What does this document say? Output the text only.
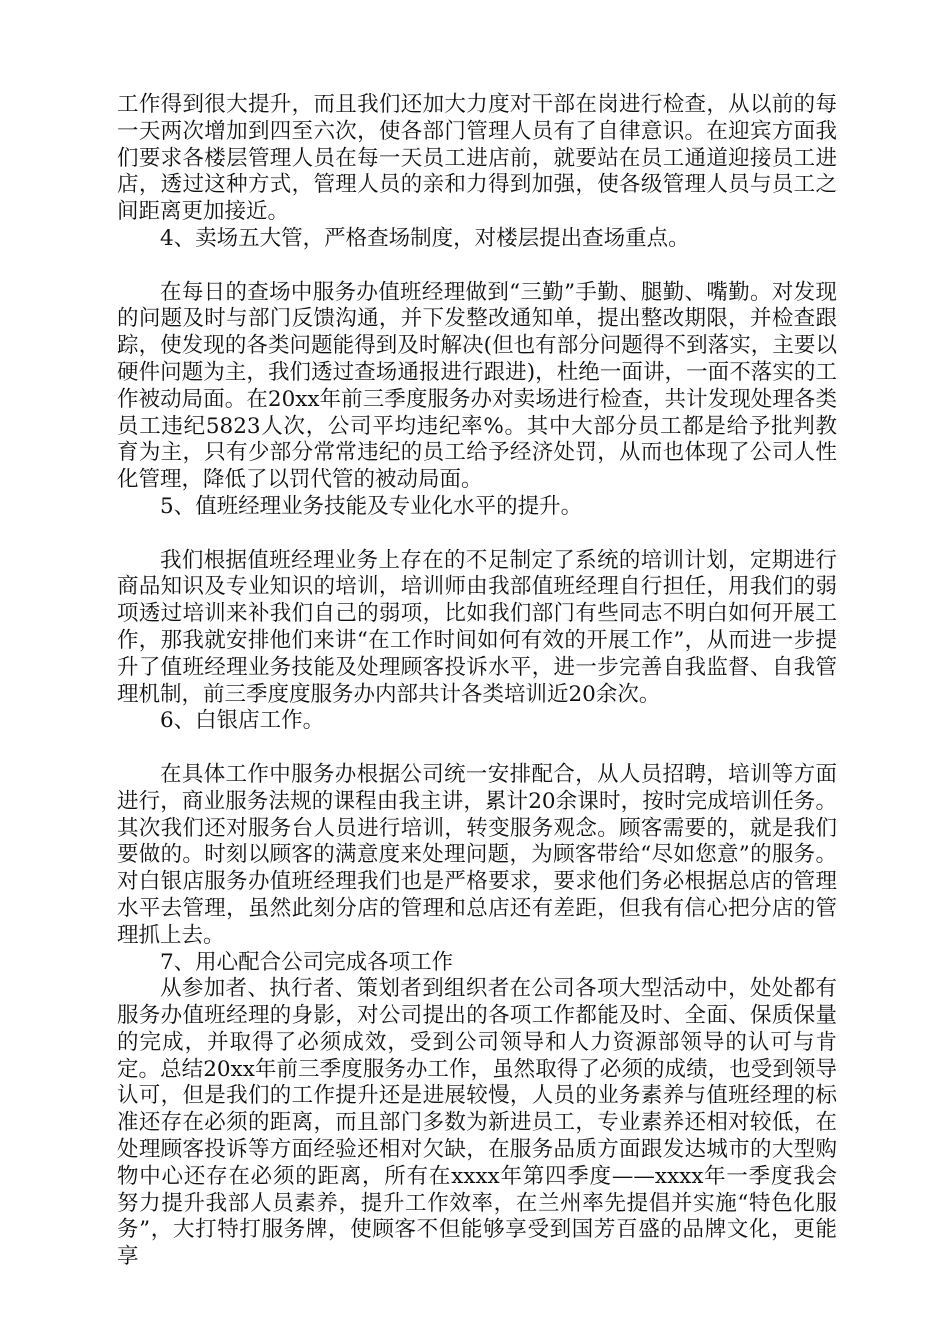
工作得到很大提升，而且我们还加大力度对干部在岗进行检查，从以前的每一天两次增加到四至六次，使各部门管理人员有了自律意识。在迎宾方面我们要求各楼层管理人员在每一天员工进店前，就要站在员工通道迎接员工进店，透过这种方式，管理人员的亲和力得到加强，使各级管理人员与员工之间距离更加接近。

4、卖场五大管，严格查场制度，对楼层提出查场重点。

在每日的查场中服务办值班经理做到“三勤”手勤、腿勤、嘴勤。对发现的问题及时与部门反馈沟通，并下发整改通知单，提出整改期限，并检查跟踪，使发现的各类问题能得到及时解决(但也有部分问题得不到落实，主要以硬件问题为主，我们透过查场通报进行跟进)，杜绝一面讲，一面不落实的工作被动局面。在20xx年前三季度服务办对卖场进行检查，共计发现处理各类员工违纪5823人次，公司平均违纪率%。其中大部分员工都是给予批判教育为主，只有少部分常常违纪的员工给予经济处罚，从而也体现了公司人性化管理，降低了以罚代管的被动局面。

5、值班经理业务技能及专业化水平的提升。

我们根据值班经理业务上存在的不足制定了系统的培训计划，定期进行商品知识及专业知识的培训，培训师由我部值班经理自行担任，用我们的弱项透过培训来补我们自己的弱项，比如我们部门有些同志不明白如何开展工作，那我就安排他们来讲“在工作时间如何有效的开展工作”，从而进一步提升了值班经理业务技能及处理顾客投诉水平，进一步完善自我监督、自我管理机制，前三季度度服务办内部共计各类培训近20余次。

6、白银店工作。

在具体工作中服务办根据公司统一安排配合，从人员招聘，培训等方面进行，商业服务法规的课程由我主讲，累计20余课时，按时完成培训任务。其次我们还对服务台人员进行培训，转变服务观念。顾客需要的，就是我们要做的。时刻以顾客的满意度来处理问题，为顾客带给“尽如您意”的服务。对白银店服务办值班经理我们也是严格要求，要求他们务必根据总店的管理水平去管理，虽然此刻分店的管理和总店还有差距，但我有信心把分店的管理抓上去。

7、用心配合公司完成各项工作

从参加者、执行者、策划者到组织者在公司各项大型活动中，处处都有服务办值班经理的身影，对公司提出的各项工作都能及时、全面、保质保量的完成，并取得了必须成效，受到公司领导和人力资源部领导的认可与肯定。总结20xx年前三季度服务办工作，虽然取得了必须的成绩，也受到领导认可，但是我们的工作提升还是进展较慢，人员的业务素养与值班经理的标准还存在必须的距离，而且部门多数为新进员工，专业素养还相对较低，在处理顾客投诉等方面经验还相对欠缺，在服务品质方面跟发达城市的大型购物中心还存在必须的距离，所有在xxxx年第四季度——xxxx年一季度我会努力提升我部人员素养，提升工作效率，在兰州率先提倡并实施“特色化服务”，大打特打服务牌，使顾客不但能够享受到国芳百盛的品牌文化，更能享
